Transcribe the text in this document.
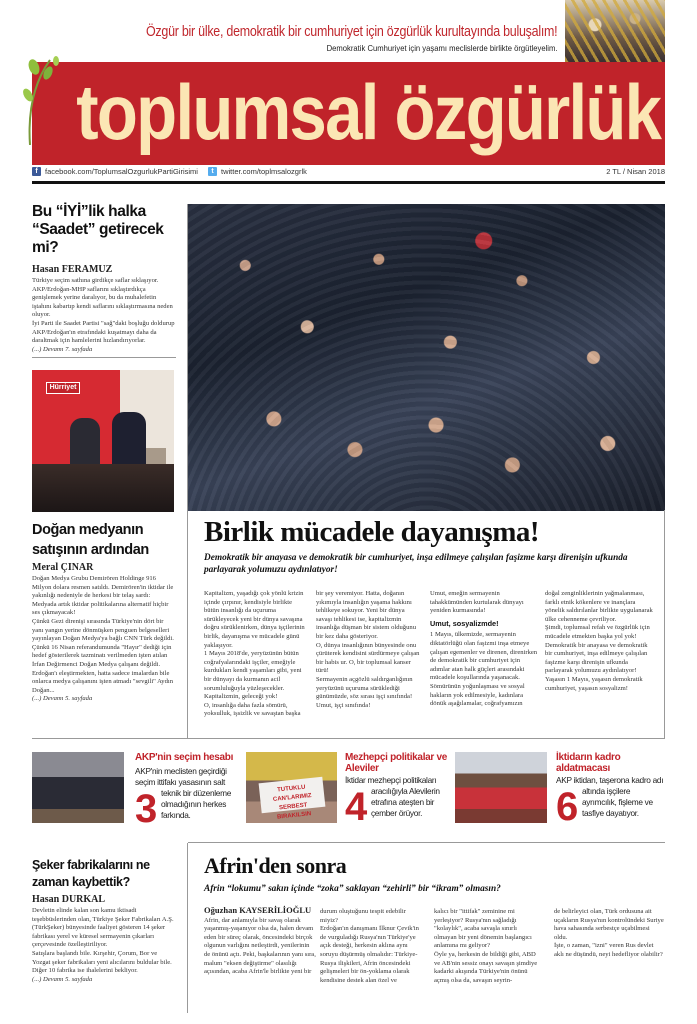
Özgür bir ülke, demokratik bir cumhuriyet için özgürlük kurultayında buluşalım!
Demokratik Cumhuriyet için yaşamı meclislerde birlikte örgütleyelim.
toplumsal özgürlük
f facebook.com/ToplumsalOzgurlukPartiGirisimi	t twitter.com/toplmsalozgrlk	2 TL / Nisan 2018
Bu “İYİ”lik halka “Saadet” getirecek mi?
Hasan FERAMUZ
Türkiye seçim sathına girdikçe saflar sıklaşıyor. AKP/Erdoğan-MHP saflarını sıklaştırdıkça genişlemek yerine daralıyor, bu da muhalefetin iştahını kabartıp kendi saflarını sıklaştırmasına neden oluyor.
İyi Parti ile Saadet Partisi "sağ"daki boşluğu doldurup AKP/Erdoğan'ın etrafındaki kuşatmayı daha da daraltmak için hamlelerini hızlandırıyorlar.
(...) Devamı 7. sayfada
Hürriyet
Doğan medyanın satışının ardından
Meral ÇINAR
Doğan Medya Grubu Demirören Holdinge 916 Milyon dolara resmen satıldı. Demirören'in iktidar ile yakınlığı nedeniyle de herkesi bir telaş sardı: Medyada artık iktidar politikalarına alternatif hiçbir ses çıkmayacak!
Çünkü Gezi direnişi sırasında Türkiye'nin dört bir yanı yangın yerine dönmüşken penguen belgeselleri yayınlayan Doğan Medya'ya bağlı CNN Türk değildi.
Çünkü 16 Nisan referandumunda "Hayır" dediği için hedef gösterilerek tazminatı verilmeden işten atılan İrfan Değirmenci Doğan Medya çalışanı değildi. Erdoğan'ı eleştirmekten, hatta sadece imalardan bile onlarca medya çalışanını işten atmadı "sevgili" Aydın Doğan...
(...) Devamı 5. sayfada
Birlik mücadele dayanışma!
Demokratik bir anayasa ve demokratik bir cumhuriyet, inşa edilmeye çalışılan faşizme karşı direnişin ufkunda parlayarak yolumuzu aydınlatıyor!
Kapitalizm, yaşadığı çok yönlü krizin içinde çırpınır, kendisiyle birlikte bütün insanlığı da uçuruma sürükleyecek yeni bir dünya savaşına doğru sürüklenirken, dünya işçilerinin birlik, dayanışma ve mücadele günü yaklaşıyor.
1 Mayıs 2018'de, yeryüzünün bütün coğrafyalarındaki işçiler, emeğiyle kurdukları kendi yaşamları gibi, yeni bir dünyayı da kurmanın acil sorumluluğuyla yüzleşecekler.
Kapitalizmin, geleceği yok!
O, insanlığa daha fazla sömürü, yoksulluk, işsizlik ve savaştan başka
bir şey veremiyor. Hatta, doğanın yıkımıyla insanlığın yaşama hakkını tehlikeye sokuyor. Yeni bir dünya savaşı tehlikesi ise, kapitalizmin insanlığa düşman bir sistem olduğunu bir kez daha gösteriyor.
O, dünya insanlığının bünyesinde onu çürüterek kendisini sürdürmeye çalışan bir habis ur. O, bir toplumsal kanser türü!
Sermayenin açgözlü saldırganlığının yeryüzünü uçuruma sürüklediği günümüzde, söz sırası işçi sınıfında!
Umut, işçi sınıfında!
Umut, emeğin sermayenin tahakkümünden kurtularak dünyayı yeniden kurmasında!
Umut, sosyalizmde!
1 Mayıs, ülkemizde, sermayenin diktatörlüğü olan faşizmi inşa etmeye çalışan egemenler ve direnen, direnirken de demokratik bir cumhuriyet için adımlar atan halk güçleri arasındaki mücadele koşullarında yaşanacak.
Sömürünün yoğunlaşması ve sosyal hakların yok edilmesiyle, kadınlara dönük aşağılamalar, coğrafyamızın
doğal zenginliklerinin yağmalanması, farklı etnik kökenlere ve inançlara yönelik saldırılanlar birlikte uygulanarak ülke cehenneme çevriliyor.
Şimdi, toplumsal refah ve özgürlük için mücadele etmekten başka yol yok!
Demokratik bir anayasa ve demokratik bir cumhuriyet, inşa edilmeye çalışılan faşizme karşı direnişin ufkunda parlayarak yolumuzu aydınlatıyor!
Yaşasın 1 Mayıs, yaşasın demokratik cumhuriyet, yaşasın sosyalizm!
AKP'nin seçim hesabı
AKP'nin meclisten geçirdiği seçim ittifakı yasasının salt
3 teknik bir düzenleme olmadığının herkes farkında.
TUTUKLU CAN'LARIMIZ SERBEST BIRAKILSIN
Mezhepçi politikalar ve Aleviler
İktidar mezhepçi politikaları
4 aracılığıyla Alevilerin etrafına ateşten bir çember örüyor.
İktidarın kadro aldatmacası
AKP iktidan, taşerona kadro adı
6 altında işçilere ayrımcılık, fişleme ve tasfiye dayatıyor.
Şeker fabrikalarını ne zaman kaybettik?
Hasan DURKAL
Devletin elinde kalan son kamu iktisadi teşebbüslerinden olan, Türkiye Şeker Fabrikaları A.Ş. (TürkŞeker) bünyesinde faaliyet gösteren 14 şeker fabrikası yerel ve küresel sermayenin çıkarları çerçevesinde özelleştiriliyor.
Satışlara başlandı bile. Kırşehir, Çorum, Bor ve Yozgat şeker fabrikaları yeni alıcılarını buldular bile. Diğer 10 fabrika ise ihalelerini bekliyor.
(...) Devamı 5. sayfada
Afrin'den sonra
Afrin “lokumu” sakın içinde “zoka” saklayan “zehirli” bir “ikram” olmasın?
Oğuzhan KAYSERİLİOĞLU
Afrin, dar anlamıyla bir savaş olarak yaşanmış-yaşanıyor olsa da, halen devam eden bir süreç olarak, öncesindeki birçok olgunun varlığını netleştirdi, yenilerinin de önünü açtı. Peki, başkalarının yanı sıra, malum "eksen değiştirme" olasılığı açısından, acaba Afrin'le birlikte yeni bir
durum oluştuğunu tespit edebilir miyiz?
Erdoğan'ın danışmanı İlknur Çevik'in de vurguladığı Rusya'nın Türkiye'ye açık desteği, herkesin aklına aynı soruyu düşürmüş olmalıdır: Türkiye-Rusya ilişkileri, Afrin öncesindeki gelişmeleri bir ön-yoklama olarak kendisine destek alan özel ve
kalıcı bir "ittifak" zeminine mi yerleşiyor? Rusya'nın sağladığı "kolaylık", acaba savaşla sınırlı olmayan bir yeni dönemin başlangıcı anlamına mı geliyor?
Öyle ya, herkesin de bildiği gibi, ABD ve AB'nin sessiz onayı savaşın şimdiye kadarki akışında Türkiye'nin önünü açmış olsa da, savaşın seyrin-
de belirleyici olan, Türk ordusuna ait uçakların Rusya'nın kontrolündeki Suriye hava sahasında serbestçe uçabilmesi oldu.
İşte, o zaman, "izni" veren Rus devlet aklı ne düşündü, neyi hedefliyor olabilir?
